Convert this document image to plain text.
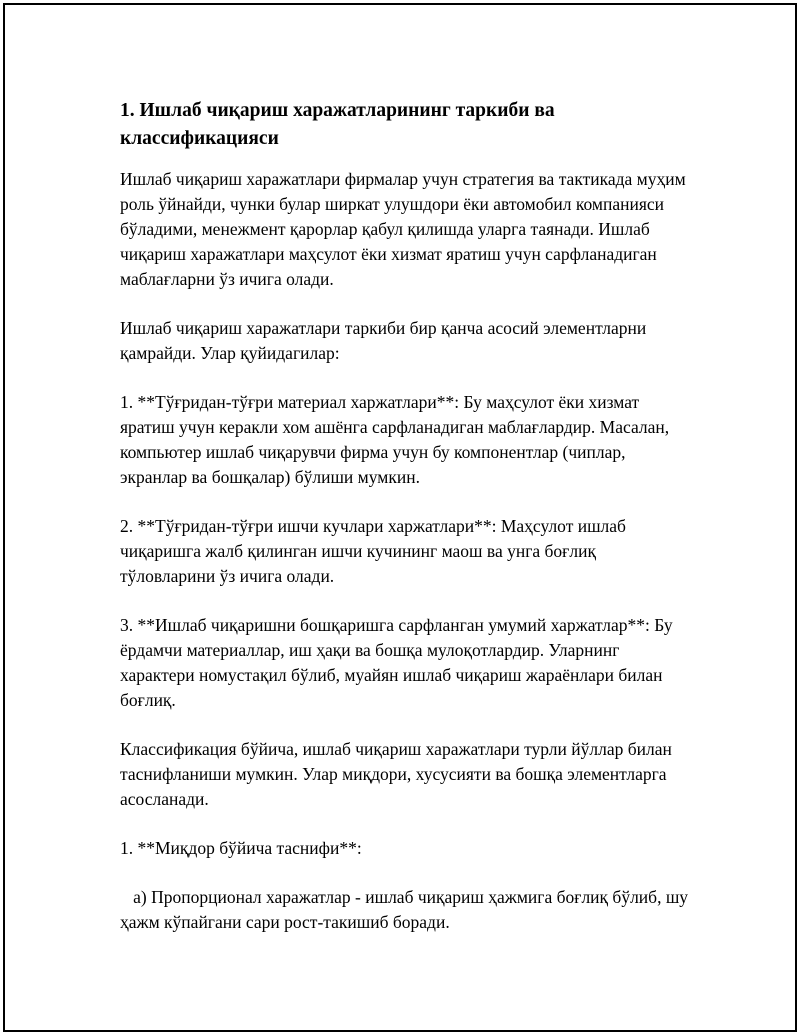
1. Ишлаб чиқариш харажатларининг таркиби ва классификацияси

Ишлаб чиқариш харажатлари фирмалар учун стратегия ва тактикада муҳим роль ўйнайди, чунки булар ширкат улушдори ёки автомобил компанияси бўладими, менежмент қарорлар қабул қилишда уларга таянади. Ишлаб чиқариш харажатлари маҳсулот ёки хизмат яратиш учун сарфланадиган маблағларни ўз ичига олади.

Ишлаб чиқариш харажатлари таркиби бир қанча асосий элементларни қамрайди. Улар қуйидагилар:

1. **Тўғридан-тўғри материал харжатлари**: Бу маҳсулот ёки хизмат яратиш учун керакли хом ашёнга сарфланадиган маблағлардир. Масалан, компьютер ишлаб чиқарувчи фирма учун бу компонентлар (чиплар, экранлар ва бошқалар) бўлиши мумкин.

2. **Тўғридан-тўғри ишчи кучлари харжатлари**: Маҳсулот ишлаб чиқаришга жалб қилинган ишчи кучининг маош ва унга боғлиқ тўловларини ўз ичига олади.

3. **Ишлаб чиқаришни бошқаришга сарфланган умумий харжатлар**: Бу ёрдамчи материаллар, иш ҳақи ва бошқа мулоқотлардир. Уларнинг характери номустақил бўлиб, муайян ишлаб чиқариш жараёнлари билан боғлиқ.

Классификация бўйича, ишлаб чиқариш харажатлари турли йўллар билан таснифланиши мумкин. Улар миқдори, хусусияти ва бошқа элементларга асосланади.

1. **Миқдор бўйича таснифи**:

a) Пропорционал харажатлар - ишлаб чиқариш ҳажмига боғлиқ бўлиб, шу ҳажм кўпайгани сари рост-такишиб боради.
